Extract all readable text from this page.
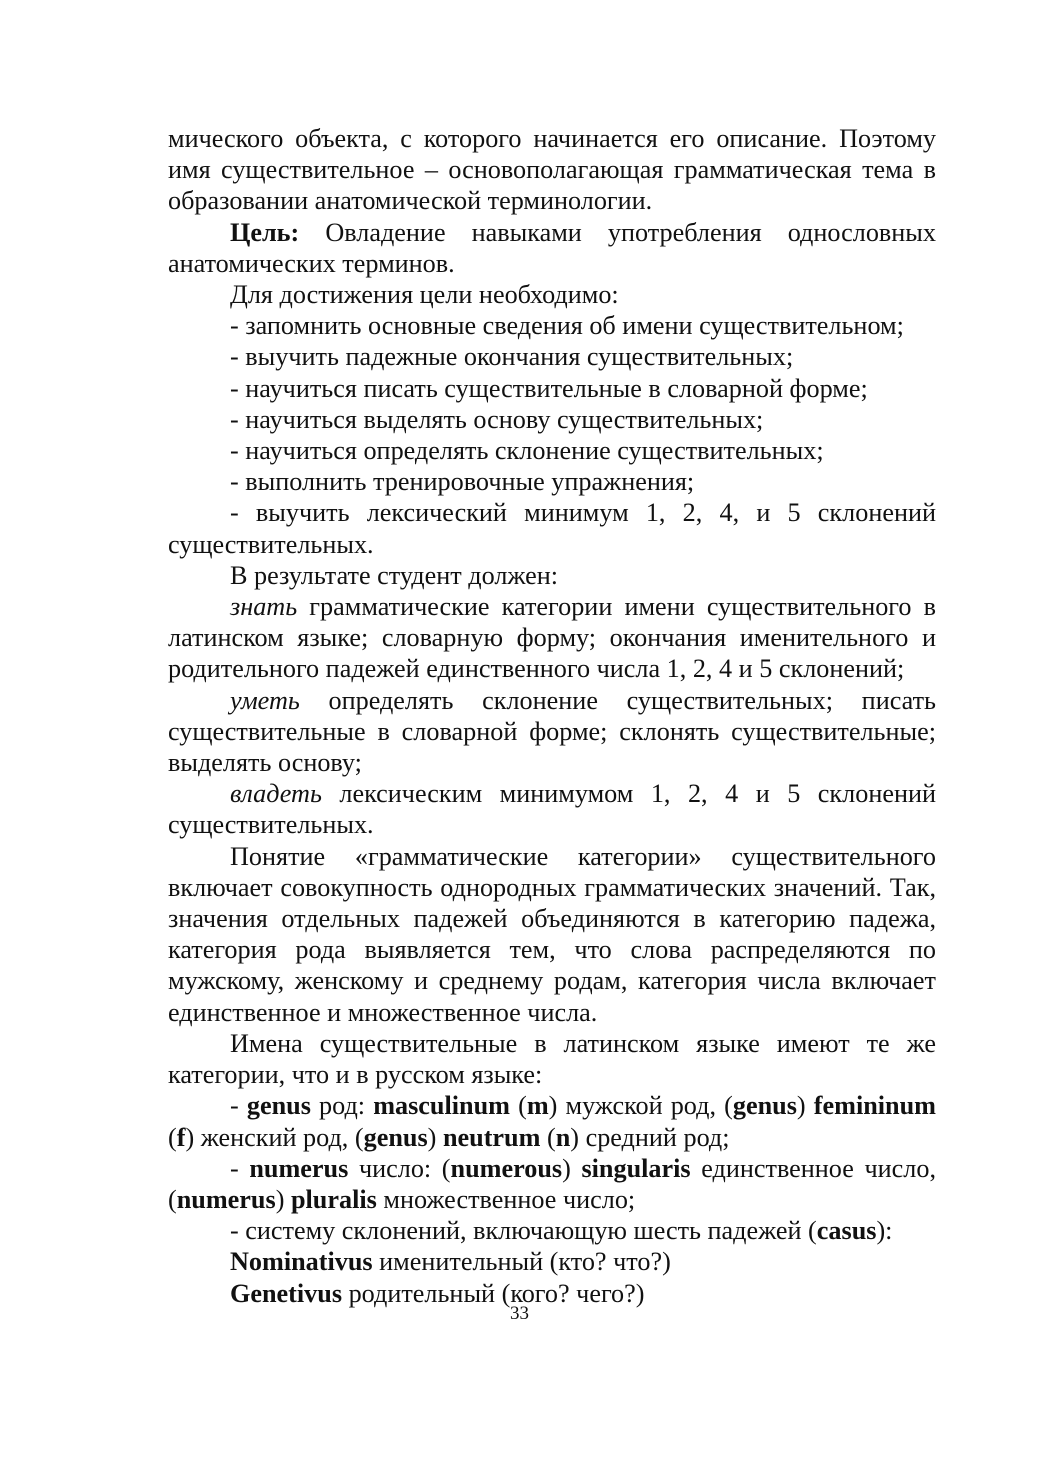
мического объекта, с которого начинается его описание. Поэтому имя существительное – основополагающая грамматическая тема в образовании анатомической терминологии.

Цель: Овладение навыками употребления однословных анатомических терминов.

Для достижения цели необходимо:

- запомнить основные сведения об имени существительном;

- выучить падежные окончания существительных;

- научиться писать существительные в словарной форме;

- научиться выделять основу существительных;

- научиться определять склонение существительных;

- выполнить тренировочные упражнения;

- выучить лексический минимум 1, 2, 4, и 5 склонений существительных.

В результате студент должен:

знать грамматические категории имени существительного в латинском языке; словарную форму; окончания именительного и родительного падежей единственного числа 1, 2, 4 и 5 склонений;

уметь определять склонение существительных; писать существительные в словарной форме; склонять существительные; выделять основу;

владеть лексическим минимумом 1, 2, 4 и 5 склонений существительных.

Понятие «грамматические категории» существительного включает совокупность однородных грамматических значений. Так, значения отдельных падежей объединяются в категорию падежа, категория рода выявляется тем, что слова распределяются по мужскому, женскому и среднему родам, категория числа включает единственное и множественное числа.

Имена существительные в латинском языке имеют те же категории, что и в русском языке:

- genus род: masculinum (m) мужской род, (genus) femininum (f) женский род, (genus) neutrum (n) средний род;

- numerus число: (numerous) singularis единственное число, (numerus) pluralis множественное число;

- систему склонений, включающую шесть падежей (casus):

Nominativus именительный (кто? что?)

Genetivus родительный (кого? чего?)

33
